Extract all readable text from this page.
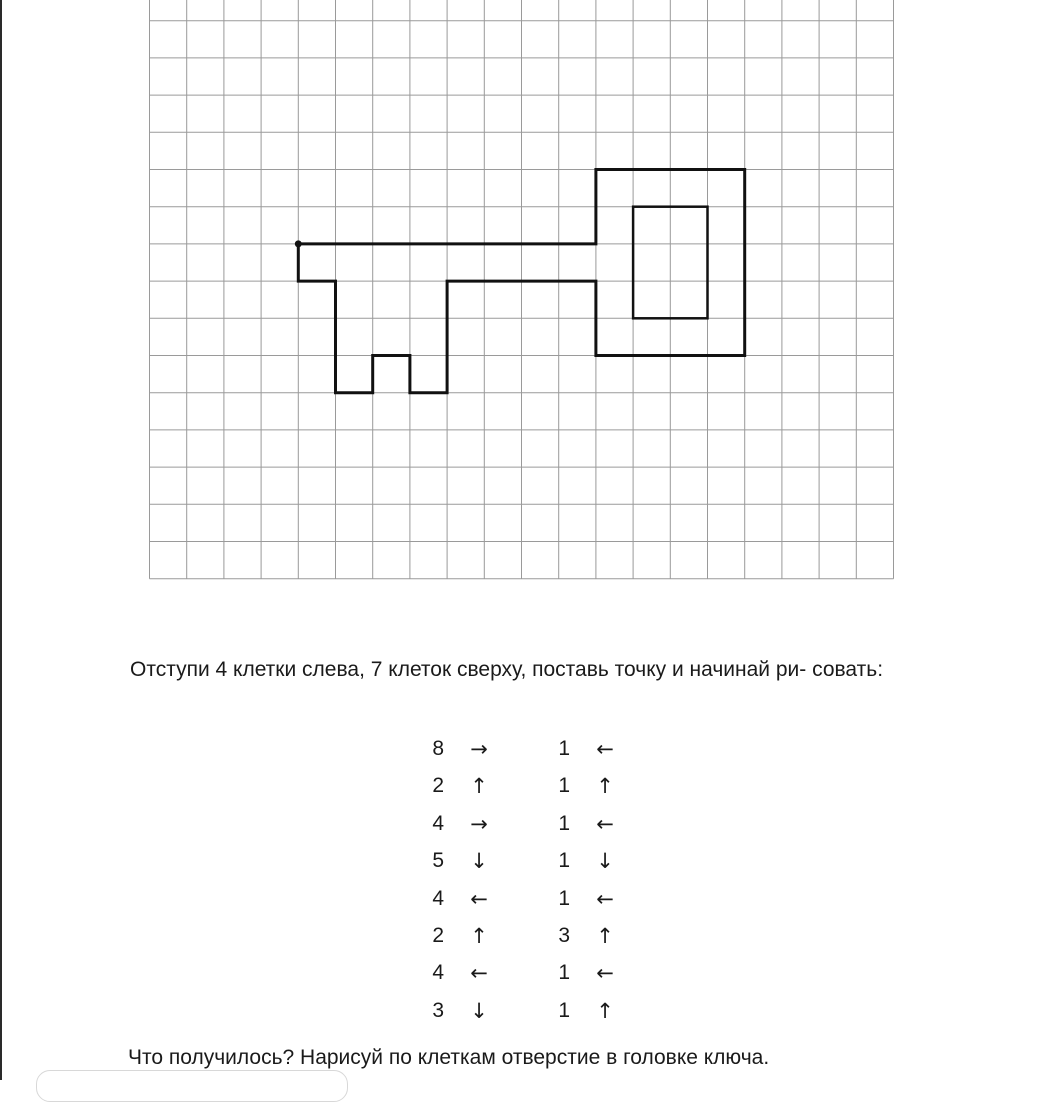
Отступи 4 клетки слева, 7 клеток сверху, поставь точку и начинай ри- совать:

8 →	1 ←
2 ↑	1 ↑
4 →	1 ←
5 ↓	1 ↓
4 ←	1 ←
2 ↑	3 ↑
4 ←	1 ←
3 ↓	1 ↑

Что получилось? Нарисуй по клеткам отверстие в головке ключа.
